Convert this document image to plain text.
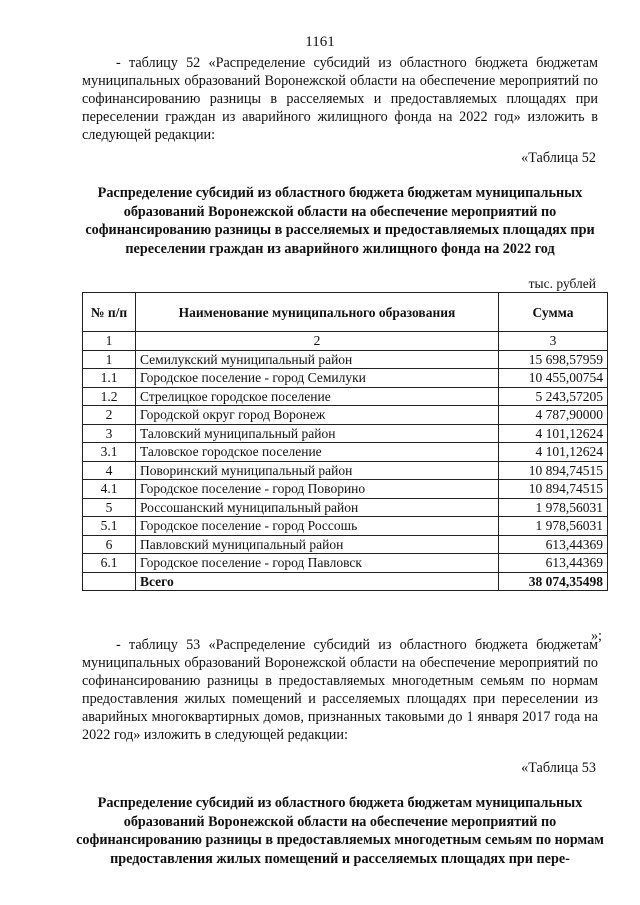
1161

- таблицу 52 «Распределение субсидий из областного бюджета бюджетам муниципальных образований Воронежской области на обеспечение мероприятий по софинансированию разницы в расселяемых и предоставляемых площадях при переселении граждан из аварийного жилищного фонда на 2022 год» изложить в следующей редакции:

«Таблица 52
Распределение субсидий из областного бюджета бюджетам муниципальных образований Воронежской области на обеспечение мероприятий по софинансированию разницы в расселяемых и предоставляемых площадях при переселении граждан из аварийного жилищного фонда на 2022 год
тыс. рублей
№ п/п	Наименование муниципального образования	Сумма
1	2	3
1	Семилукский муниципальный район	15 698,57959
1.1	Городское поселение - город Семилуки	10 455,00754
1.2	Стрелицкое городское поселение	5 243,57205
2	Городской округ город Воронеж	4 787,90000
3	Таловский муниципальный район	4 101,12624
3.1	Таловское городское поселение	4 101,12624
4	Поворинский муниципальный район	10 894,74515
4.1	Городское поселение - город Поворино	10 894,74515
5	Россошанский муниципальный район	1 978,56031
5.1	Городское поселение - город Россошь	1 978,56031
6	Павловский муниципальный район	613,44369
6.1	Городское поселение - город Павловск	613,44369
	Всего	38 074,35498
»;

- таблицу 53 «Распределение субсидий из областного бюджета бюджетам муниципальных образований Воронежской области на обеспечение мероприятий по софинансированию разницы в предоставляемых многодетным семьям по нормам предоставления жилых помещений и расселяемых площадях при переселении из аварийных многоквартирных домов, признанных таковыми до 1 января 2017 года на 2022 год» изложить в следующей редакции:

«Таблица 53
Распределение субсидий из областного бюджета бюджетам муниципальных образований Воронежской области на обеспечение мероприятий по софинансированию разницы в предоставляемых многодетным семьям по нормам предоставления жилых помещений и расселяемых площадях при пере-
